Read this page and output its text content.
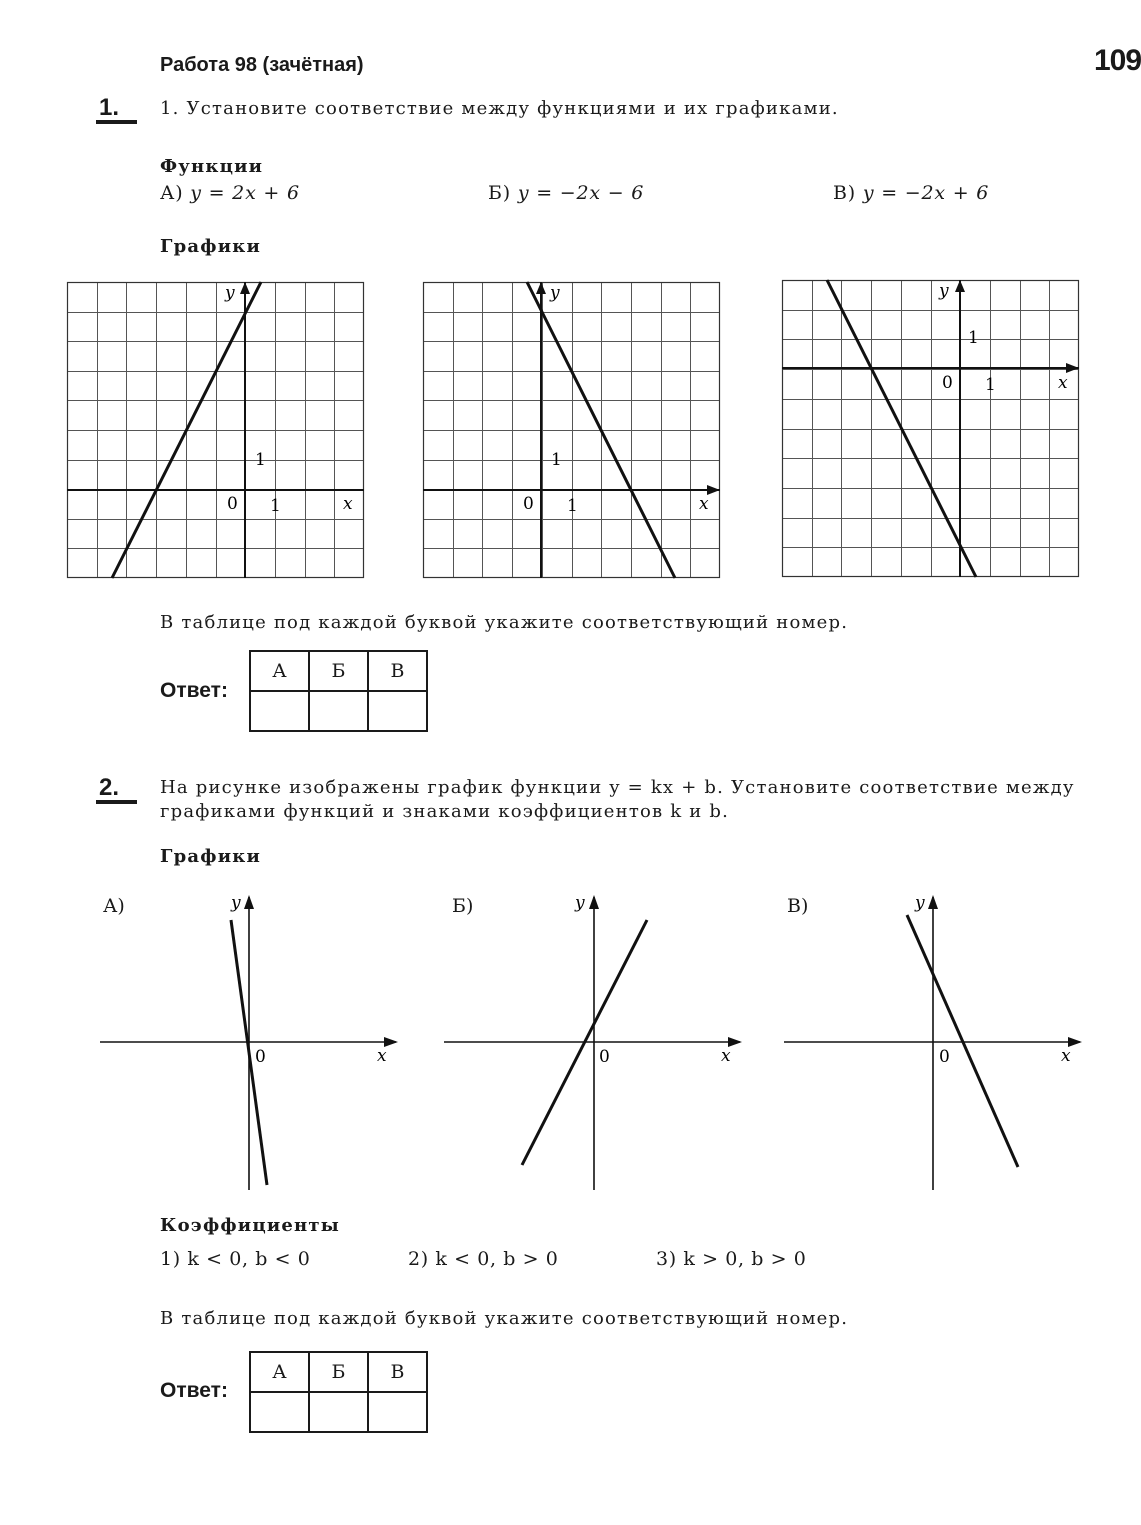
Работа 98 (зачётная)	109
1.	1. Установите соответствие между функциями и их графиками.
Функции
А) y = 2x + 6	Б) y = −2x − 6	В) y = −2x + 6
Графики
y
x
0 1
1
y
x
0 1
1
y
x
0 1
1
В таблице под каждой буквой укажите соответствующий номер.
Ответ:
А	Б	В

2.	На рисунке изображены график функции y = kx + b. Установите соответствие между
графиками функций и знаками коэффициентов k и b.
Графики
А)	Б)	В)
y
x
0
y
x
0
y
x
0
Коэффициенты
1) k < 0, b < 0	2) k < 0, b > 0	3) k > 0, b > 0
В таблице под каждой буквой укажите соответствующий номер.
Ответ:
А	Б	В
